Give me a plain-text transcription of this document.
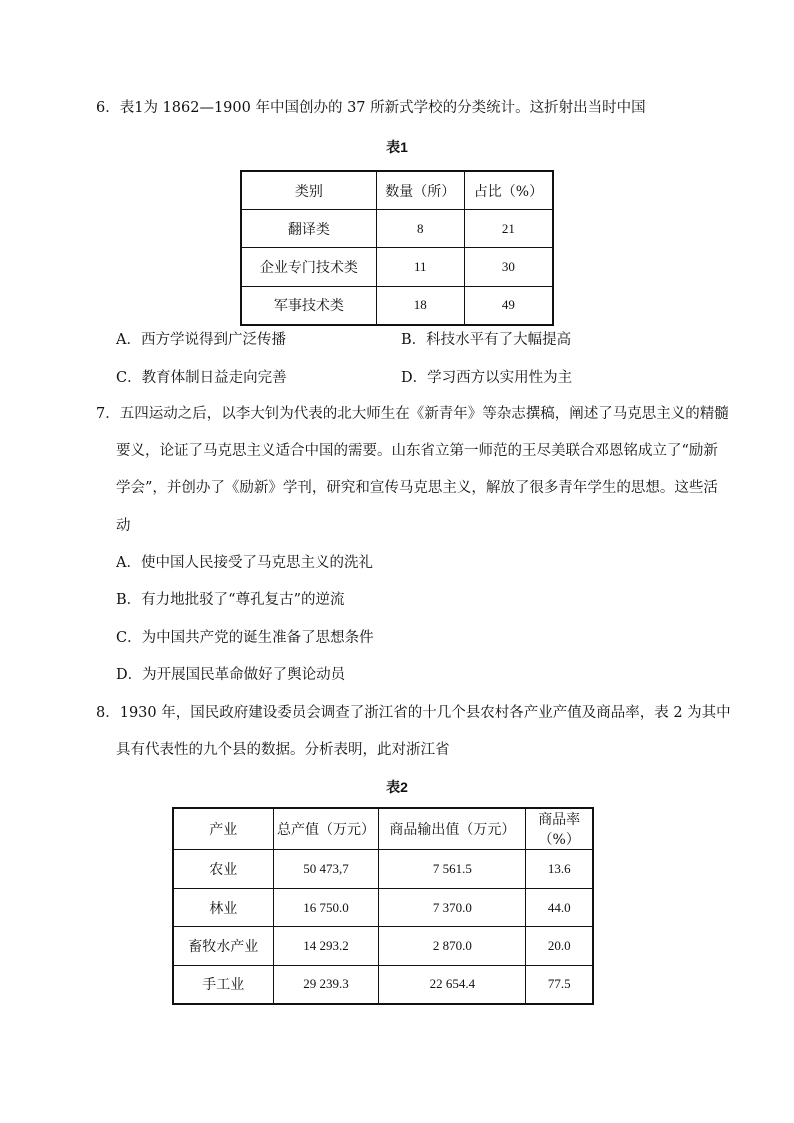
6．表1为 1862—1900 年中国创办的 37 所新式学校的分类统计。这折射出当时中国
表1
类别	数量（所）	占比（%）
翻译类	8	21
企业专门技术类	11	30
军事技术类	18	49
A．西方学说得到广泛传播	B．科技水平有了大幅提高
C．教育体制日益走向完善	D．学习西方以实用性为主
7．五四运动之后，以李大钊为代表的北大师生在《新青年》等杂志撰稿，阐述了马克思主义的精髓
要义，论证了马克思主义适合中国的需要。山东省立第一师范的王尽美联合邓恩铭成立了“励新
学会”，并创办了《励新》学刊，研究和宣传马克思主义，解放了很多青年学生的思想。这些活
动
A．使中国人民接受了马克思主义的洗礼
B．有力地批驳了“尊孔复古”的逆流
C．为中国共产党的诞生准备了思想条件
D．为开展国民革命做好了舆论动员
8．1930 年，国民政府建设委员会调查了浙江省的十几个县农村各产业产值及商品率，表 2 为其中
具有代表性的九个县的数据。分析表明，此对浙江省
表2
产业	总产值（万元）	商品输出值（万元）	商品率（%）
农业	50 473,7	7 561.5	13.6
林业	16 750.0	7 370.0	44.0
畜牧水产业	14 293.2	2 870.0	20.0
手工业	29 239.3	22 654.4	77.5
